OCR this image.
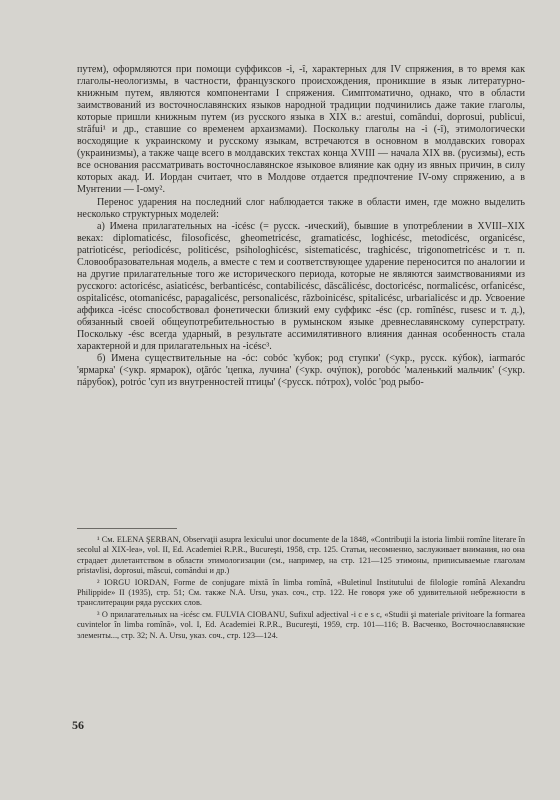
путем), оформляются при помощи суффиксов -i, -î, характерных для IV спряжения, в то время как глаголы-неологизмы, в частности, французского происхождения, проникшие в язык литературно-книжным путем, являются компонентами I спряжения. Симптоматично, однако, что в области заимствований из восточнославянских языков народной традиции подчинились даже такие глаголы, которые пришли книжным путем (из русского языка в XIX в.: arestui, comăndui, doprosui, publicui, străfui¹ и др., ставшие со временем архаизмами). Поскольку глаголы на -i (-î), этимологически восходящие к украинскому и русскому языкам, встречаются в основном в молдавских говорах (украинизмы), а также чаще всего в молдавских текстах конца XVIII — начала XIX вв. (русизмы), есть все основания рассматривать восточнославянское языковое влияние как одну из явных причин, в силу которых акад. И. Иордан считает, что в Молдове отдается предпочтение IV-ому спряжению, а в Мунтении — I-ому².

Перенос ударения на последний слог наблюдается также в области имен, где можно выделить несколько структурных моделей:

а) Имена прилагательных на -icésc (= русск. -ический), бывшие в употреблении в XVIII–XIX веках: diplomaticésc, filosoficésc, gheometricésc, gramaticésc, loghicésc, metodicésc, organicésc, patrioticésc, periodicésc, politicésc, psiholoɡhicésc, sistematicésc, traghicésc, trigonometricésc и т. п. Словообразовательная модель, а вместе с тем и соответствующее ударение переносится по аналогии и на другие прилагательные того же исторического периода, которые не являются заимствованиями из русского: actoricésc, asiaticésc, berbanticésc, contabilicésc, dăscălicésc, doctoricésc, normalicésc, orfanicésc, ospitalicésc, otomanicésc, papagalicésc, personalicésc, războinicésc, spitalicésc, urbarialicésc и др. Усвоение аффикса -icésc способствовал фонетически близкий ему суффикс -ésc (ср. romînésc, rusesc и т. д.), обязанный своей общеупотребительностью в румынском языке древнеславянскому суперстрату. Поскольку -ésc всегда ударный, в результате ассимилятивного влияния данная особенность стала характерной и для прилагательных на -icésc³.

б) Имена существительные на -óc: cobóc 'кубок; род ступки' (<укр., русск. кýбок), iarmaróc 'ярмарка' (<укр. ярмарок), oţăróc 'цепка, лучина' (<укр. очýпок), porobóc 'маленький мальчик' (<укр. пáрубок), potróc 'суп из внутренностей птицы' (<русск. пóтрох), volóc 'род рыбо-

¹ См. ELENA ŞERBAN, Observaţii asupra lexicului unor documente de la 1848, «Contribuţii la istoria limbii romîne literare în secolul al XIX-lea», vol. II, Ed. Academiei R.P.R., Bucureşti, 1958, стр. 125. Статьи, несомненно, заслуживает внимания, но она страдает дилетантством в области этимологизации (см., например, на стр. 121—125 этимоны, приписываемые глаголам pristavlisi, doprosui, mâscui, comăndui и др.)

² IORGU IORDAN, Forme de conjugare mixtă în limba romînă, «Buletinul Institutului de filologie romînă Alexandru Philippide» II (1935), стр. 51; См. также N.A. Ursu, указ. соч., стр. 122. Не говоря уже об удивительной небрежности в транслитерации ряда русских слов.

³ О прилагательных на -icésc см. FULVIA CIOBANU, Sufixul adjectival -i c e s c, «Studii şi materiale privitoare la formarea cuvintelor în limba romînă», vol. I, Ed. Academiei R.P.R., Bucureşti, 1959, стр. 101—116; В. Васченко, Восточнославянские элементы..., стр. 32; N. A. Ursu, указ. соч., стр. 123—124.

56
